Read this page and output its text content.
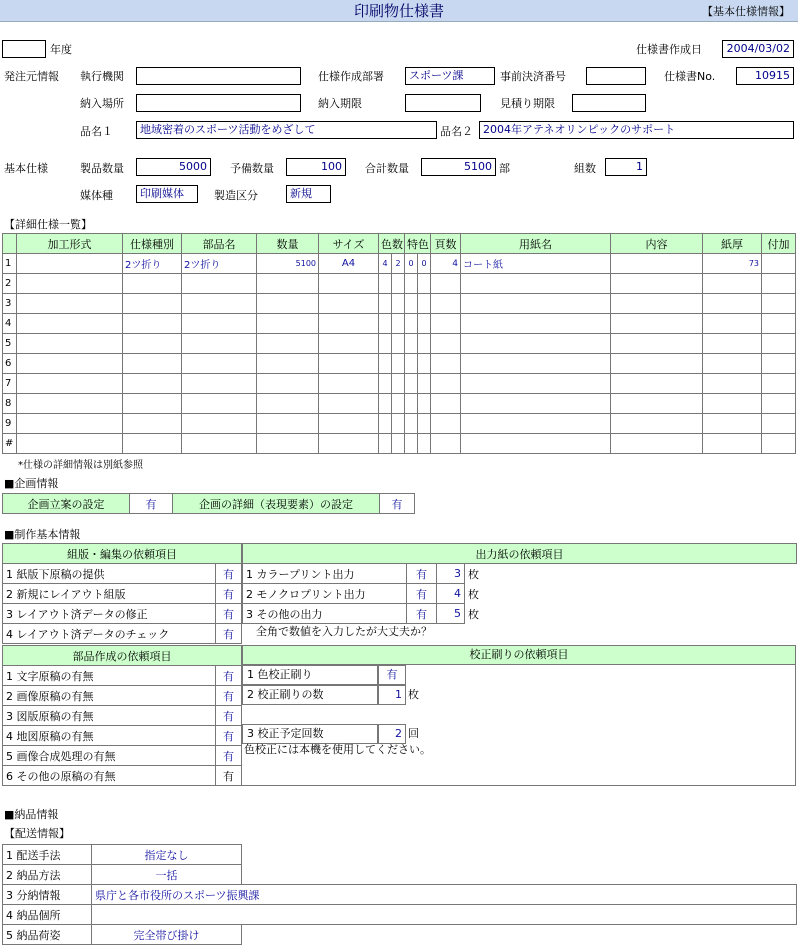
印刷物仕様書	【基本仕様情報】
年度	仕様書作成日	2004/03/02
発注元情報 執行機関	仕様作成部署	スポーツ課	事前決済番号	仕様書No.	10915
納入場所	納入期限	見積り期限
品名１	地域密着のスポーツ活動をめざして	品名２ 2004年アテネオリンピックのサポート
基本仕様	製品数量	5000	予備数量	100	合計数量	5100 部	組数	1
媒体種	印刷媒体	製造区分	新規
【詳細仕様一覧】
	加工形式	仕様種別	部品名	数量	サイズ	色数		特色		頁数	用紙名	内容	紙厚	付加
1		2ツ折り	2ツ折り	5100	A4	4	2	0	0	4	コート紙		73	
2														
3														
4														
5														
6														
7														
8														
9														
#														
*仕様の詳細情報は別紙参照
■企画情報
企画立案の設定	有	企画の詳細（表現要素）の設定	有
■制作基本情報
組版・編集の依頼項目	
1 紙版下原稿の提供	有
2 新規にレイアウト組版	有
3 レイアウト済データの修正	有
4 レイアウト済データのチェック	有
出力紙の依頼項目			
1 カラープリント出力	有	3	枚
2 モノクロプリント出力	有	4	枚
3 その他の出力	有	5	枚
全角で数値を入力したが大丈夫か？
部品作成の依頼項目	
1 文字原稿の有無	有
2 画像原稿の有無	有
3 図版原稿の有無	有
4 地図原稿の有無	有
5 画像合成処理の有無	有
6 その他の原稿の有無	有
校正刷りの依頼項目
1 色校正刷り	有
2 校正刷りの数	1 枚
3 校正予定回数	2 回
色校正には本機を使用してください。
■納品情報
【配送情報】
1 配送手法	指定なし	
2 納品方法	一括	
3 分納情報	県庁と各市役所のスポーツ振興課	
4 納品個所		
5 納品荷姿	完全帯び掛け	
